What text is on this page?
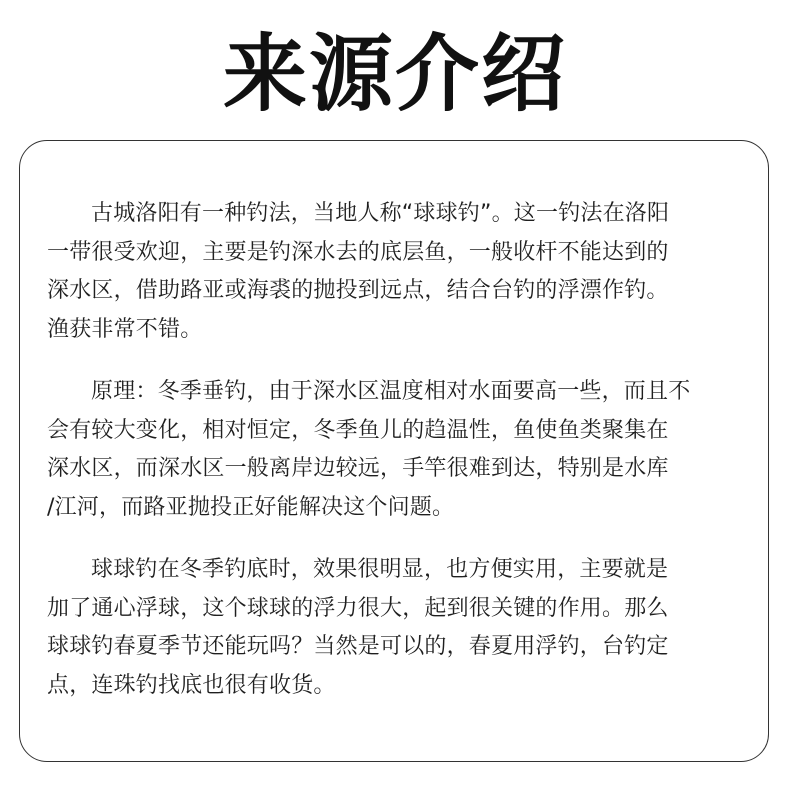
来源介绍

古城洛阳有一种钓法，当地人称“球球钓”。这一钓法在洛阳
一带很受欢迎，主要是钓深水去的底层鱼，一般收杆不能达到的
深水区，借助路亚或海裘的抛投到远点，结合台钓的浮漂作钓。
渔获非常不错。

原理：冬季垂钓，由于深水区温度相对水面要高一些，而且不
会有较大变化，相对恒定，冬季鱼儿的趋温性，鱼使鱼类聚集在
深水区，而深水区一般离岸边较远，手竿很难到达，特别是水库
/江河，而路亚抛投正好能解决这个问题。

球球钓在冬季钓底时，效果很明显，也方便实用，主要就是
加了通心浮球，这个球球的浮力很大，起到很关键的作用。那么
球球钓春夏季节还能玩吗？当然是可以的，春夏用浮钓，台钓定
点，连珠钓找底也很有收货。
